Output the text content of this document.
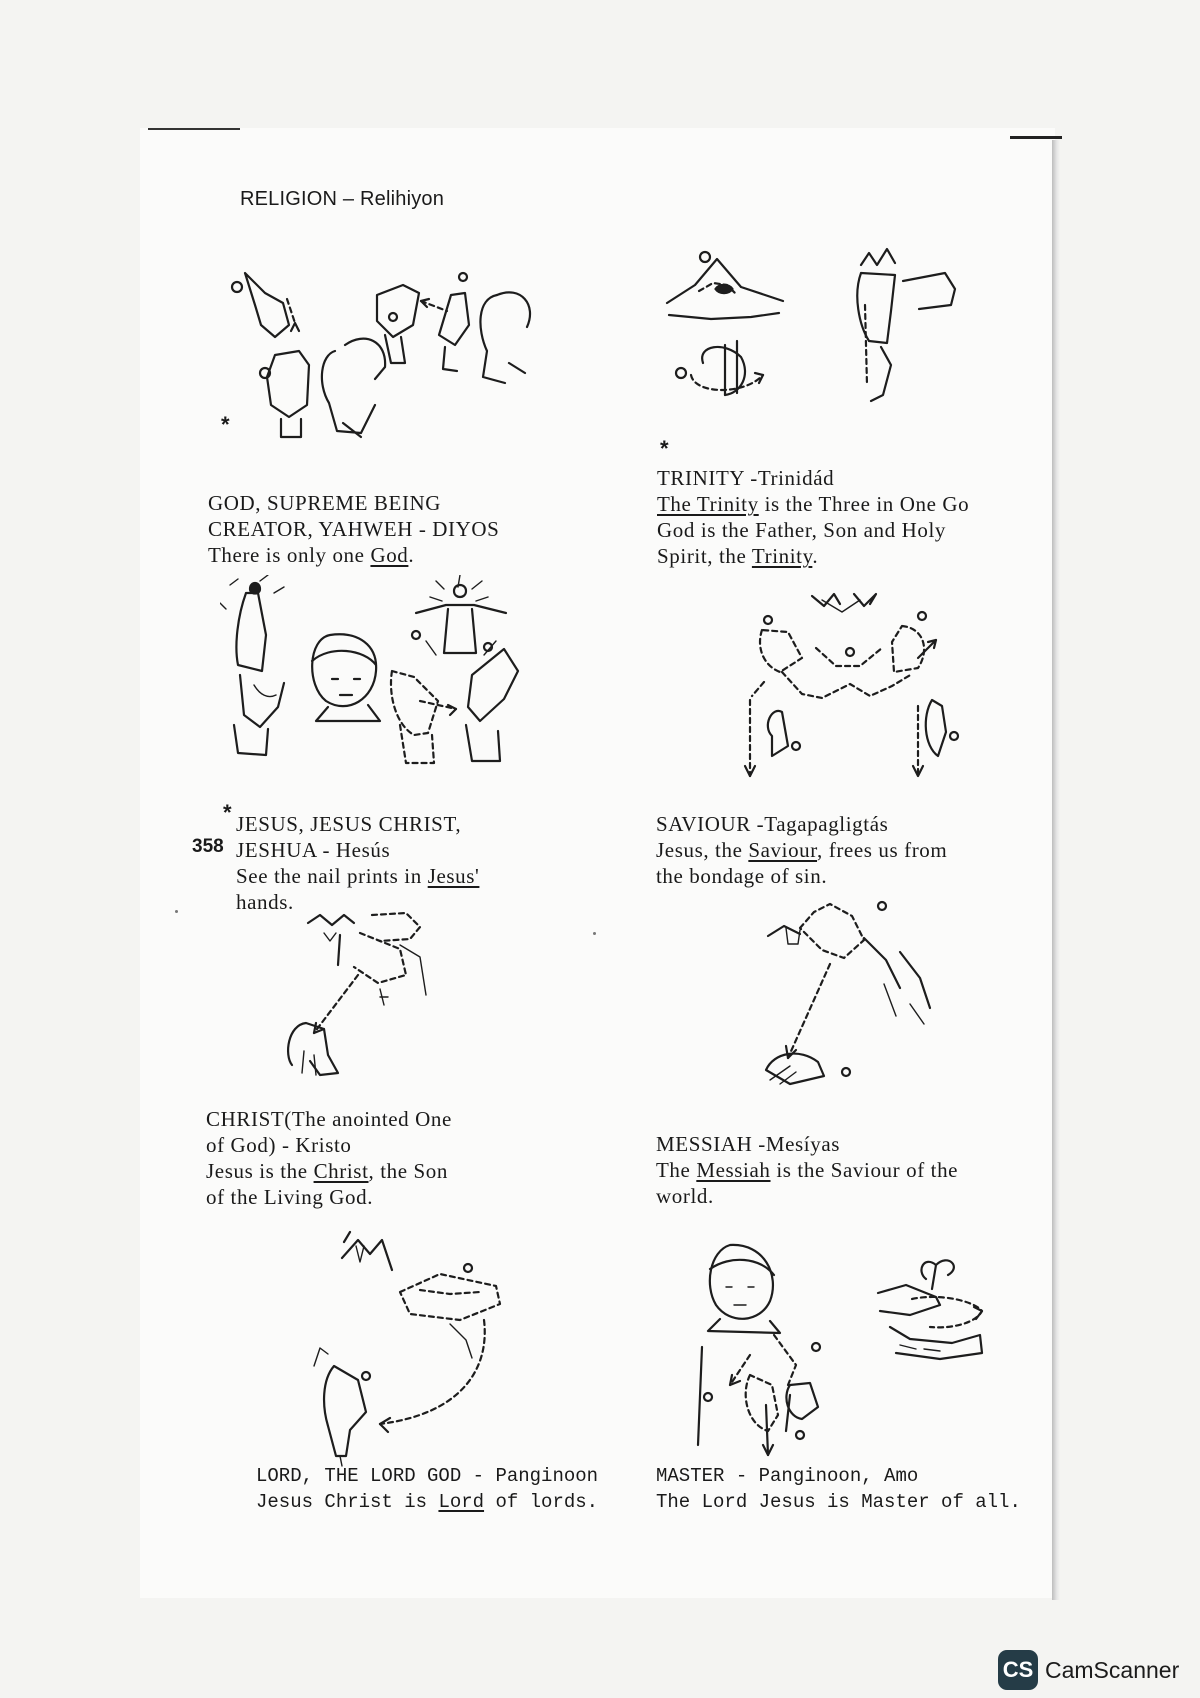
RELIGION – Relihiyon
358
*
*
GOD, SUPREME BEING
CREATOR, YAHWEH - DIYOS
There is only one God.
TRINITY -Trinidád
The Trinity is the Three in One Go
God is the Father, Son and Holy
Spirit, the Trinity.
* JESUS, JESUS CHRIST,
JESHUA - Hesús
See the nail prints in Jesus'
hands.
SAVIOUR -Tagapagligtás
Jesus, the Saviour, frees us from
the bondage of sin.
CHRIST(The anointed One
of God) - Kristo
Jesus is the Christ, the Son
of the Living God.
MESSIAH -Mesíyas
The Messiah is the Saviour of the
world.
LORD, THE LORD GOD - Panginoon
Jesus Christ is Lord of lords.
MASTER - Panginoon, Amo
The Lord Jesus is Master of all.
CS CamScanner
